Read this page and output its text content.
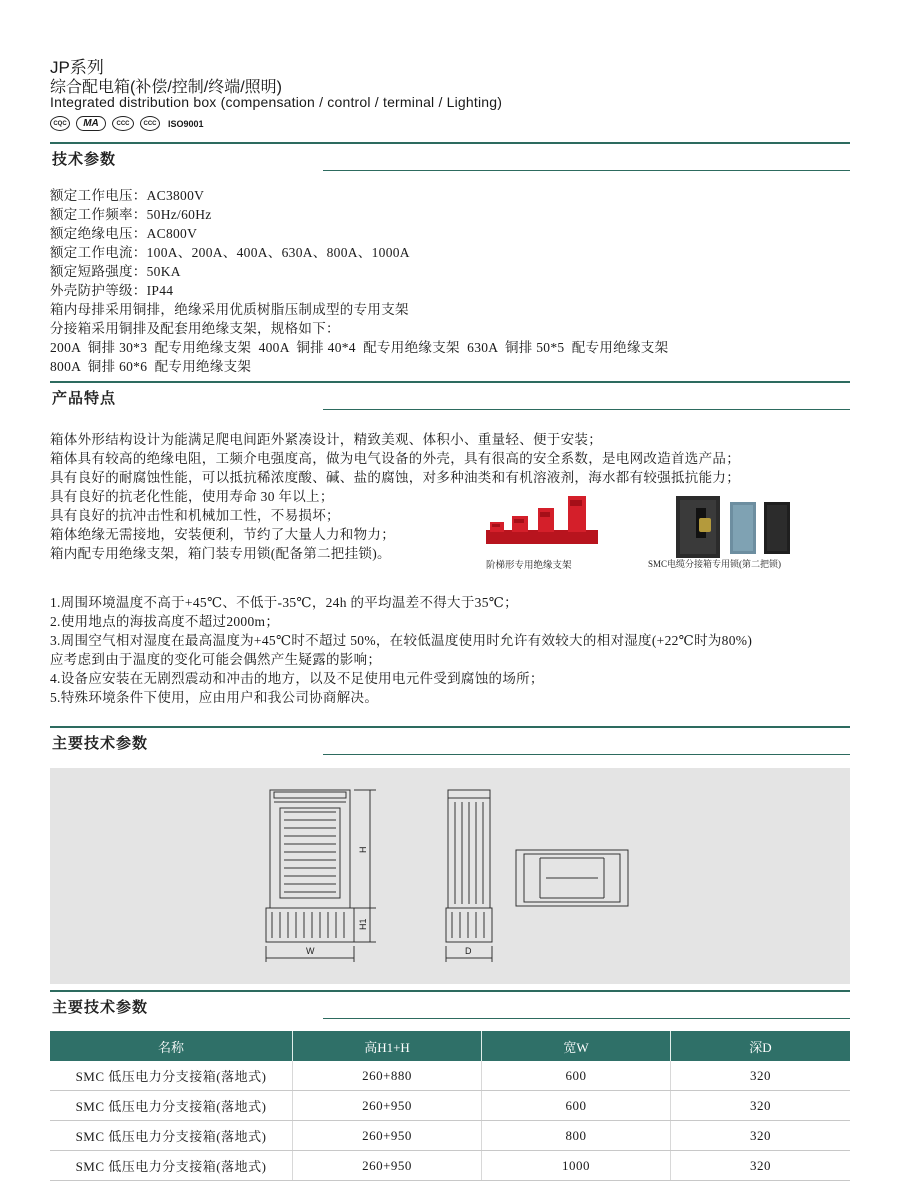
JP系列
综合配电箱(补偿/控制/终端/照明)
Integrated distribution box (compensation / control / terminal / Lighting)
CQC	MA	CCC	CCC	ISO9001
技术参数
额定工作电压：AC3800V
额定工作频率：50Hz/60Hz
额定绝缘电压：AC800V
额定工作电流：100A、200A、400A、630A、800A、1000A
额定短路强度：50KA
外壳防护等级：IP44
箱内母排采用铜排，绝缘采用优质树脂压制成型的专用支架
分接箱采用铜排及配套用绝缘支架，规格如下：
200A  铜排 30*3  配专用绝缘支架  400A  铜排 40*4  配专用绝缘支架  630A  铜排 50*5  配专用绝缘支架
800A  铜排 60*6  配专用绝缘支架
产品特点
箱体外形结构设计为能满足爬电间距外紧凑设计，精致美观、体积小、重量轻、便于安装；
箱体具有较高的绝缘电阻，工频介电强度高，做为电气设备的外壳，具有很高的安全系数，是电网改造首选产品；
具有良好的耐腐蚀性能，可以抵抗稀浓度酸、碱、盐的腐蚀，对多种油类和有机溶液剂，海水都有较强抵抗能力；
具有良好的抗老化性能，使用寿命 30 年以上；
具有良好的抗冲击性和机械加工性，不易损坏；
箱体绝缘无需接地，安装便利，节约了大量人力和物力；
箱内配专用绝缘支架，箱门装专用锁(配备第二把挂锁)。
阶梯形专用绝缘支架	SMC电缆分接箱专用锁(第二把锁)
1.周围环境温度不高于+45℃、不低于-35℃，24h 的平均温差不得大于35℃；
2.使用地点的海拔高度不超过2000m；
3.周围空气相对湿度在最高温度为+45℃时不超过 50%，在较低温度使用时允许有效较大的相对湿度(+22℃时为80%)
应考虑到由于温度的变化可能会偶然产生疑露的影响；
4.设备应安装在无剧烈震动和冲击的地方，以及不足使用电元件受到腐蚀的场所；
5.特殊环境条件下使用，应由用户和我公司协商解决。
主要技术参数
H
H1
W	D
主要技术参数
名称	高H1+H	宽W	深D
SMC 低压电力分支接箱(落地式)	260+880	600	320
SMC 低压电力分支接箱(落地式)	260+950	600	320
SMC 低压电力分支接箱(落地式)	260+950	800	320
SMC 低压电力分支接箱(落地式)	260+950	1000	320
